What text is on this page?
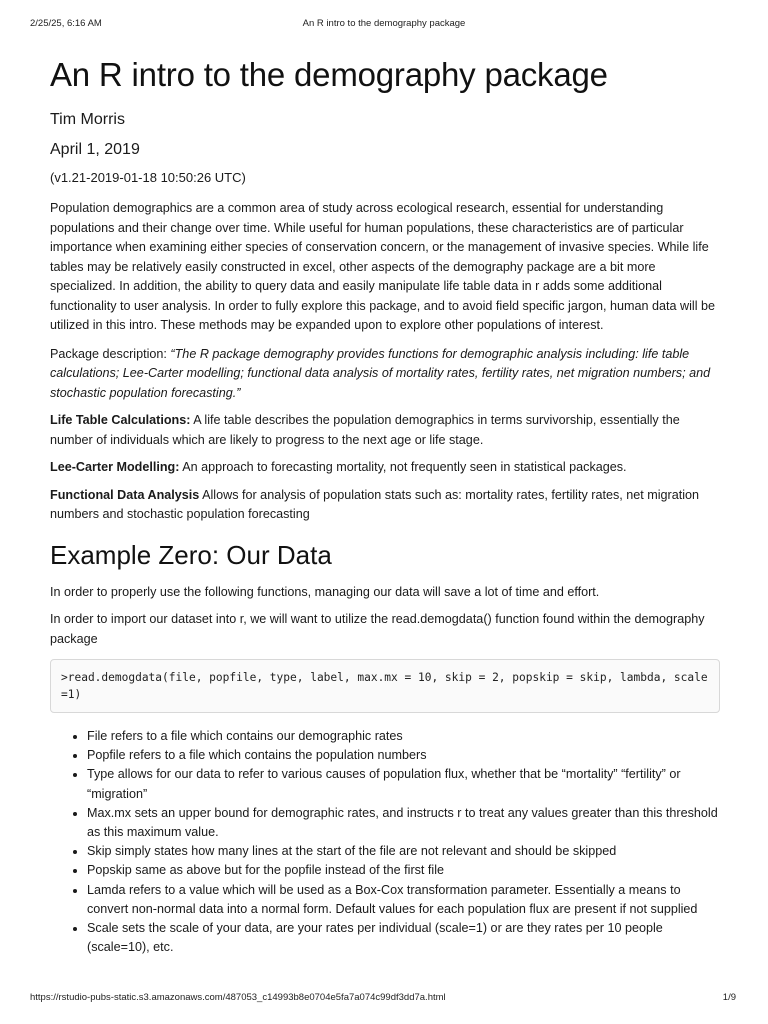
2/25/25, 6:16 AM	An R intro to the demography package
An R intro to the demography package
Tim Morris
April 1, 2019
(v1.21-2019-01-18 10:50:26 UTC)

Population demographics are a common area of study across ecological research, essential for understanding populations and their change over time. While useful for human populations, these characteristics are of particular importance when examining either species of conservation concern, or the management of invasive species. While life tables may be relatively easily constructed in excel, other aspects of the demography package are a bit more specialized. In addition, the ability to query data and easily manipulate life table data in r adds some additional functionality to user analysis. In order to fully explore this package, and to avoid field specific jargon, human data will be utilized in this intro. These methods may be expanded upon to explore other populations of interest.

Package description: “The R package demography provides functions for demographic analysis including: life table calculations; Lee-Carter modelling; functional data analysis of mortality rates, fertility rates, net migration numbers; and stochastic population forecasting.”

Life Table Calculations: A life table describes the population demographics in terms survivorship, essentially the number of individuals which are likely to progress to the next age or life stage.

Lee-Carter Modelling: An approach to forecasting mortality, not frequently seen in statistical packages.

Functional Data Analysis Allows for analysis of population stats such as: mortality rates, fertility rates, net migration numbers and stochastic population forecasting

Example Zero: Our Data

In order to properly use the following functions, managing our data will save a lot of time and effort.

In order to import our dataset into r, we will want to utilize the read.demogdata() function found within the demography package

>read.demogdata(file, popfile, type, label, max.mx = 10, skip = 2, popskip = skip, lambda, scale =1)
• File refers to a file which contains our demographic rates
• Popfile refers to a file which contains the population numbers
• Type allows for our data to refer to various causes of population flux, whether that be “mortality” “fertility” or “migration”
• Max.mx sets an upper bound for demographic rates, and instructs r to treat any values greater than this threshold as this maximum value.
• Skip simply states how many lines at the start of the file are not relevant and should be skipped
• Popskip same as above but for the popfile instead of the first file
• Lamda refers to a value which will be used as a Box-Cox transformation parameter. Essentially a means to convert non-normal data into a normal form. Default values for each population flux are present if not supplied
• Scale sets the scale of your data, are your rates per individual (scale=1) or are they rates per 10 people (scale=10), etc.
https://rstudio-pubs-static.s3.amazonaws.com/487053_c14993b8e0704e5fa7a074c99df3dd7a.html	1/9
